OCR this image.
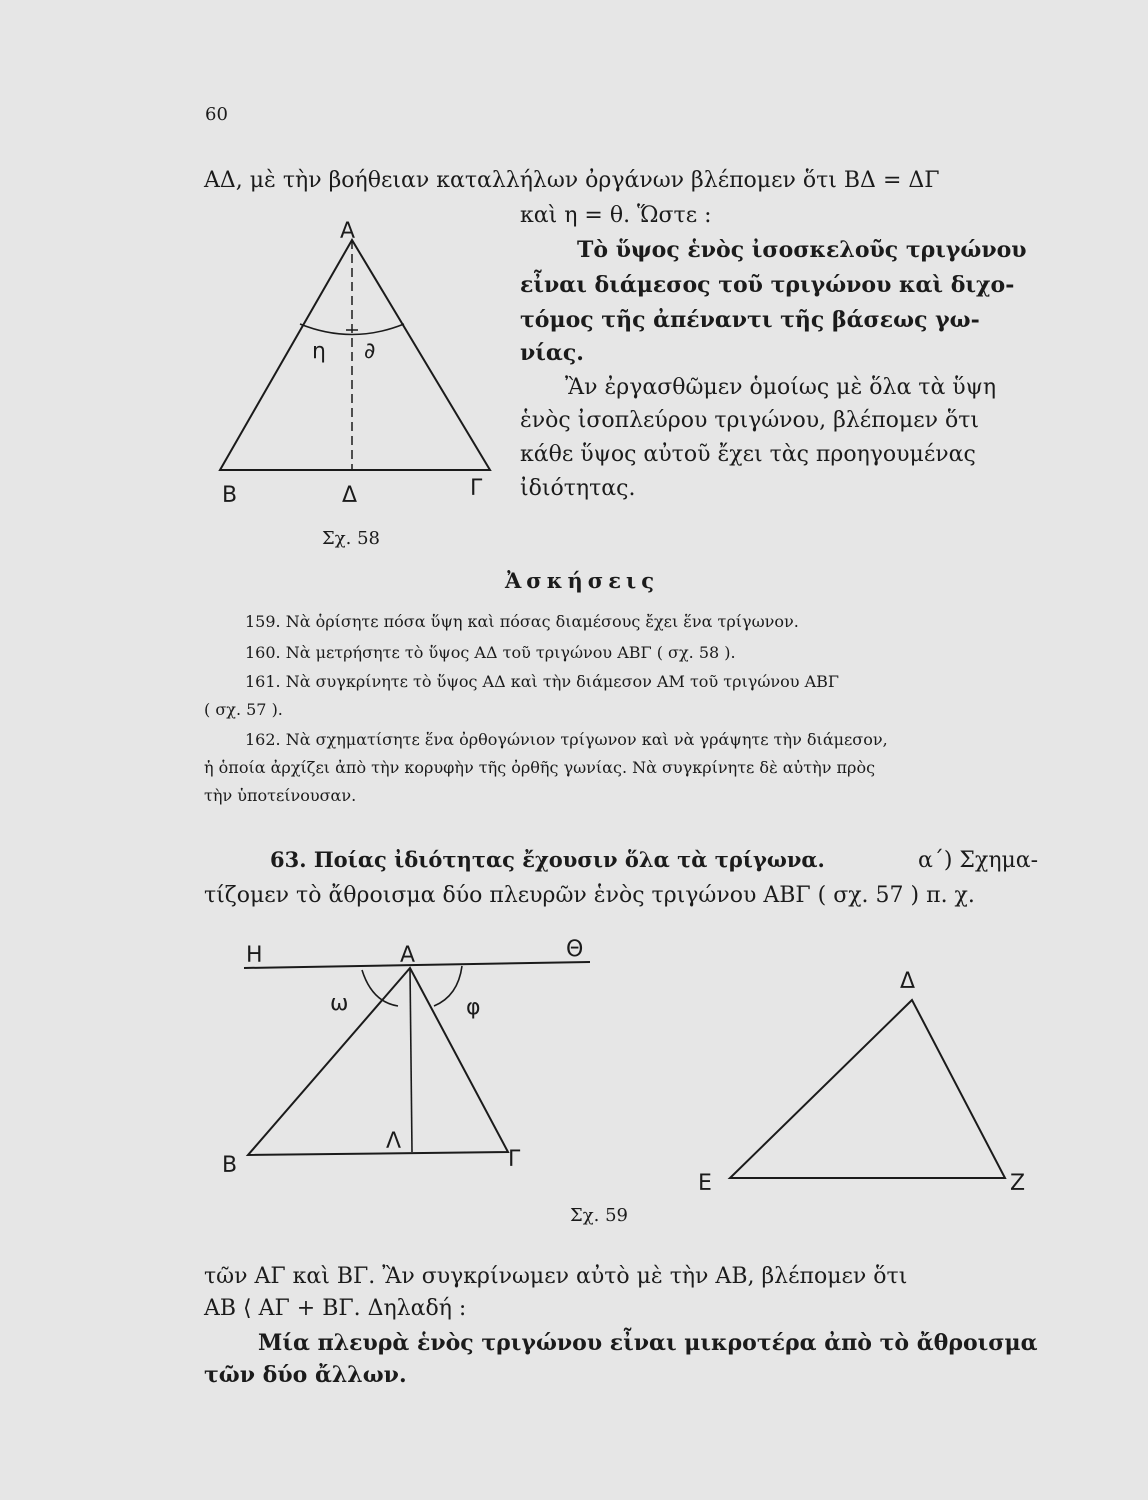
60
ΑΔ, μὲ τὴν βοήθειαν καταλλήλων ὀργάνων βλέπομεν ὅτι ΒΔ = ΔΓ
καὶ η = θ. Ὥστε :
Τὸ ὕψος ἑνὸς ἰσοσκελοῦς τριγώνου
εἶναι διάμεσος τοῦ τριγώνου καὶ διχο-
τόμος τῆς ἀπέναντι τῆς βάσεως γω-
νίας.
Ἂν ἐργασθῶμεν ὁμοίως μὲ ὅλα τὰ ὕψη
ἑνὸς ἰσοπλεύρου τριγώνου, βλέπομεν ὅτι
κάθε ὕψος αὐτοῦ ἔχει τὰς προηγουμένας
ἰδιότητας.
Α
η ∂
Β	Δ	Γ
Σχ. 58
Ἀσκήσεις
159. Νὰ ὁρίσητε πόσα ὕψη καὶ πόσας διαμέσους ἔχει ἕνα τρίγωνον.
160. Νὰ μετρήσητε τὸ ὕψος ΑΔ τοῦ τριγώνου ΑΒΓ ( σχ. 58 ).
161. Νὰ συγκρίνητε τὸ ὕψος ΑΔ καὶ τὴν διάμεσον ΑΜ τοῦ τριγώνου ΑΒΓ
( σχ. 57 ).
162. Νὰ σχηματίσητε ἕνα ὀρθογώνιον τρίγωνον καὶ νὰ γράψητε τὴν διάμεσον,
ἡ ὁποία ἀρχίζει ἀπὸ τὴν κορυφὴν τῆς ὀρθῆς γωνίας. Νὰ συγκρίνητε δὲ αὐτὴν πρὸς
τὴν ὑποτείνουσαν.
63. Ποίας ἰδιότητας ἔχουσιν ὅλα τὰ τρίγωνα.	α΄) Σχημα-
τίζομεν τὸ ἄθροισμα δύο πλευρῶν ἑνὸς τριγώνου ΑΒΓ ( σχ. 57 ) π. χ.
Η	Α	Θ
ω	φ
Β
Λ
Γ
Δ
Ε	Ζ
Σχ. 59
τῶν ΑΓ καὶ ΒΓ. Ἂν συγκρίνωμεν αὐτὸ μὲ τὴν ΑΒ, βλέπομεν ὅτι
ΑΒ ⟨ ΑΓ + ΒΓ. Δηλαδή :
Μία πλευρὰ ἑνὸς τριγώνου εἶναι μικροτέρα ἀπὸ τὸ ἄθροισμα
τῶν δύο ἄλλων.
